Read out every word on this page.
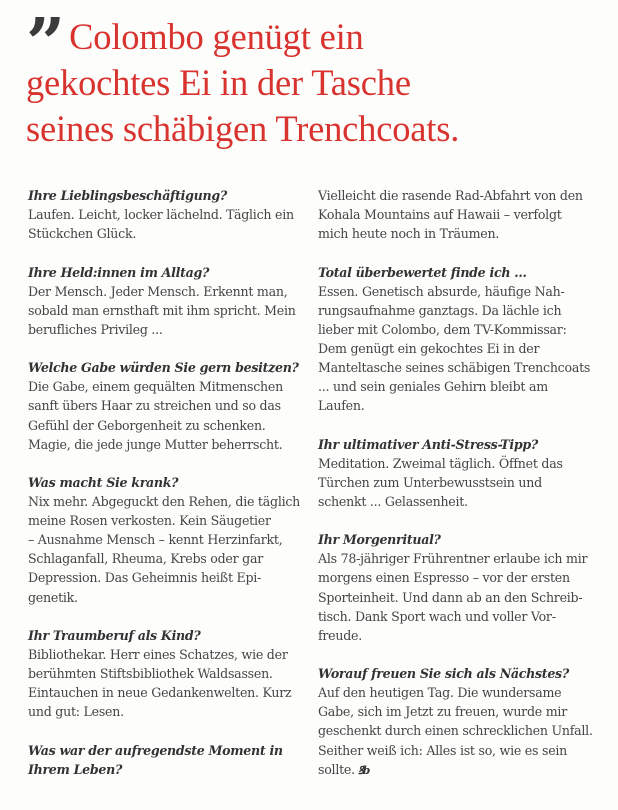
” Colombo genügt ein
gekochtes Ei in der Tasche
seines schäbigen Trenchcoats.
Ihre Lieblingsbeschäftigung?
Laufen. Leicht, locker lächelnd. Täglich ein
Stückchen Glück.
Ihre Held:innen im Alltag?
Der Mensch. Jeder Mensch. Erkennt man,
sobald man ernsthaft mit ihm spricht. Mein
berufliches Privileg ...
Welche Gabe würden Sie gern besitzen?
Die Gabe, einem gequälten Mitmenschen
sanft übers Haar zu streichen und so das
Gefühl der Geborgenheit zu schenken.
Magie, die jede junge Mutter beherrscht.
Was macht Sie krank?
Nix mehr. Abgeguckt den Rehen, die täglich
meine Rosen verkosten. Kein Säugetier
– Ausnahme Mensch – kennt Herzinfarkt,
Schlaganfall, Rheuma, Krebs oder gar
Depression. Das Geheimnis heißt Epi-
genetik.
Ihr Traumberuf als Kind?
Bibliothekar. Herr eines Schatzes, wie der
berühmten Stiftsbibliothek Waldsassen.
Eintauchen in neue Gedankenwelten. Kurz
und gut: Lesen.
Was war der aufregendste Moment in
Ihrem Leben?
Vielleicht die rasende Rad-Abfahrt von den
Kohala Mountains auf Hawaii – verfolgt
mich heute noch in Träumen.
Total überbewertet finde ich ...
Essen. Genetisch absurde, häufige Nah-
rungsaufnahme ganztags. Da lächle ich
lieber mit Colombo, dem TV-Kommissar:
Dem genügt ein gekochtes Ei in der
Manteltasche seines schäbigen Trenchcoats
... und sein geniales Gehirn bleibt am
Laufen.
Ihr ultimativer Anti-Stress-Tipp?
Meditation. Zweimal täglich. Öffnet das
Türchen zum Unterbewusstsein und
schenkt ... Gelassenheit.
Ihr Morgenritual?
Als 78-jähriger Frührentner erlaube ich mir
morgens einen Espresso – vor der ersten
Sporteinheit. Und dann ab an den Schreib-
tisch. Dank Sport wach und voller Vor-
freude.
Worauf freuen Sie sich als Nächstes?
Auf den heutigen Tag. Die wundersame
Gabe, sich im Jetzt zu freuen, wurde mir
geschenkt durch einen schrecklichen Unfall.
Seither weiß ich: Alles ist so, wie es sein
sollte. ꝸb
